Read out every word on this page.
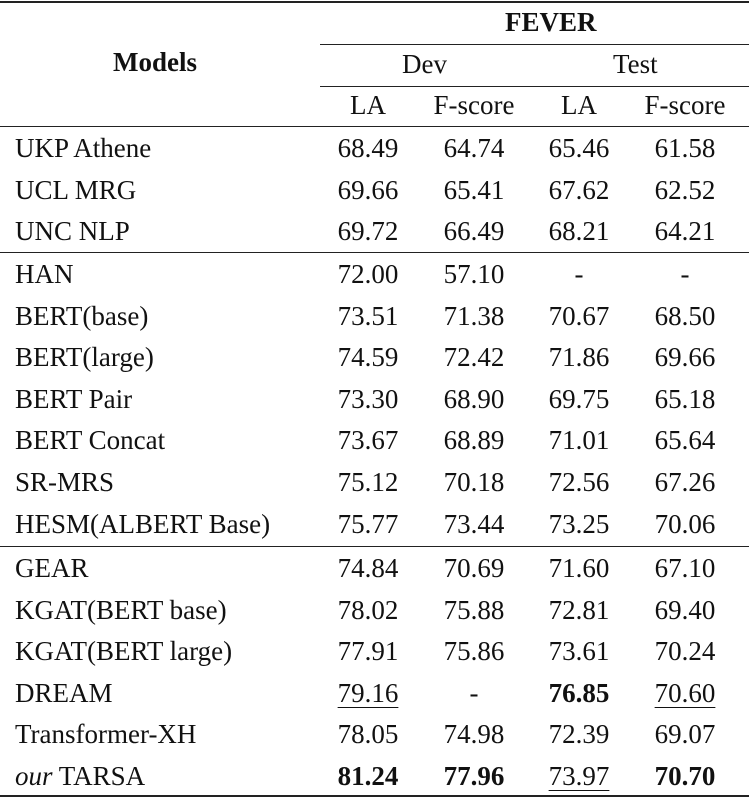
Models
FEVER
Dev	Test
LA	F-score	LA	F-score
UKP Athene	68.49	64.74	65.46	61.58
UCL MRG	69.66	65.41	67.62	62.52
UNC NLP	69.72	66.49	68.21	64.21
HAN	72.00	57.10	-	-
BERT(base)	73.51	71.38	70.67	68.50
BERT(large)	74.59	72.42	71.86	69.66
BERT Pair	73.30	68.90	69.75	65.18
BERT Concat	73.67	68.89	71.01	65.64
SR-MRS	75.12	70.18	72.56	67.26
HESM(ALBERT Base)	75.77	73.44	73.25	70.06
GEAR	74.84	70.69	71.60	67.10
KGAT(BERT base)	78.02	75.88	72.81	69.40
KGAT(BERT large)	77.91	75.86	73.61	70.24
DREAM	79.16	-	76.85	70.60
Transformer-XH	78.05	74.98	72.39	69.07
our TARSA	81.24	77.96	73.97	70.70
